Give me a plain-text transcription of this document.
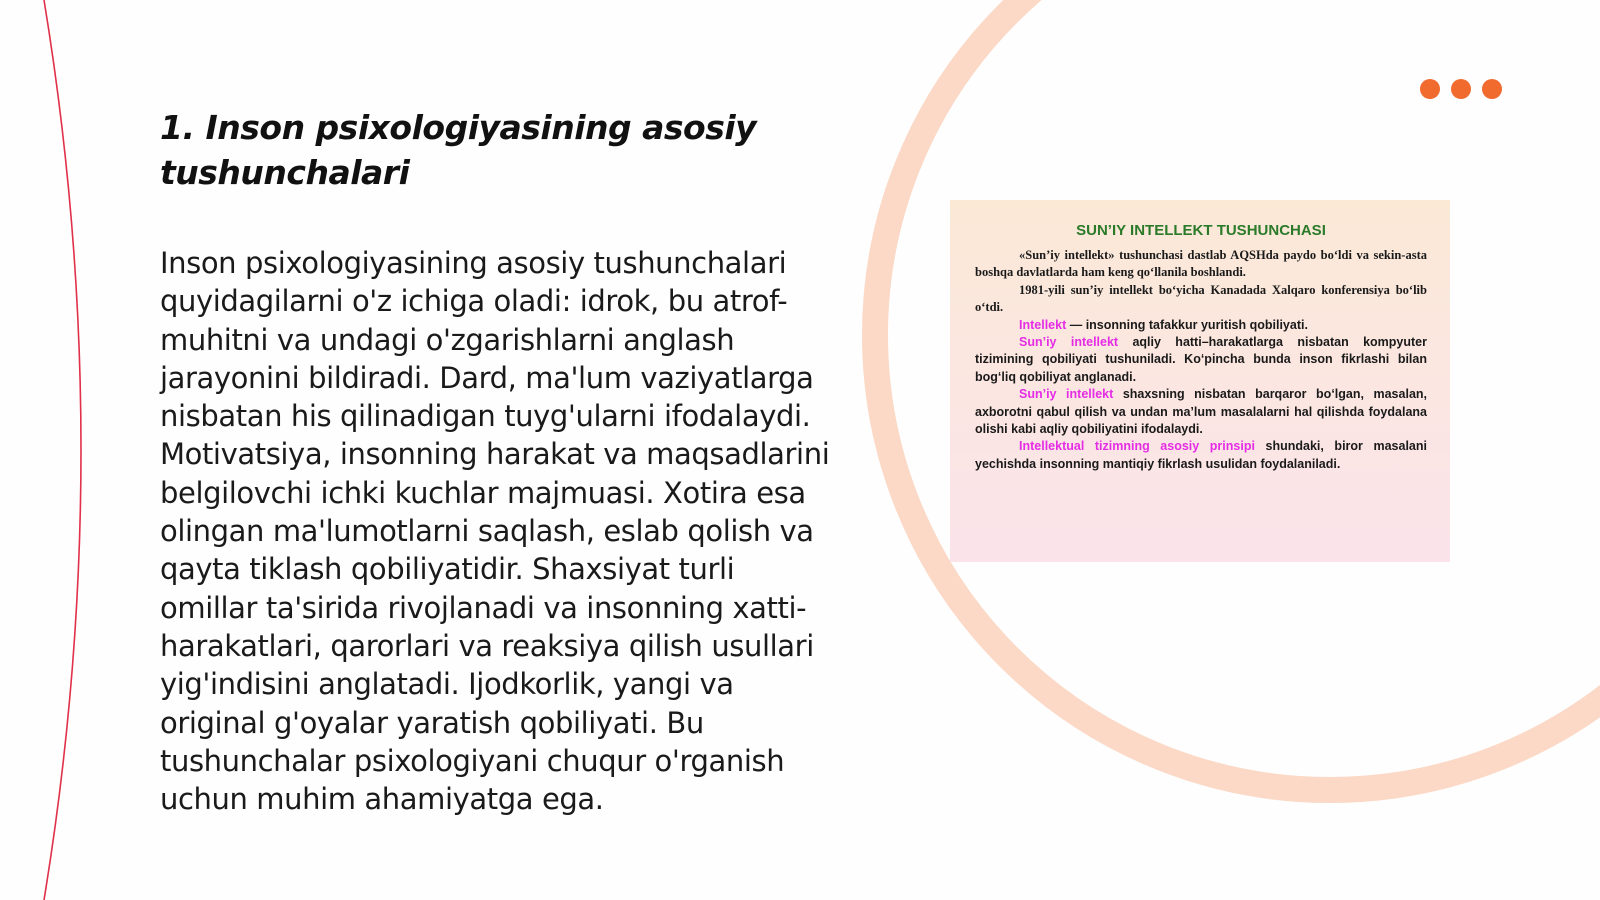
1. Inson psixologiyasining asosiy tushunchalari

Inson psixologiyasining asosiy tushunchalari quyidagilarni o'z ichiga oladi: idrok, bu atrof-muhitni va undagi o'zgarishlarni anglash jarayonini bildiradi. Dard, ma'lum vaziyatlarga nisbatan his qilinadigan tuyg'ularni ifodalaydi. Motivatsiya, insonning harakat va maqsadlarini belgilovchi ichki kuchlar majmuasi. Xotira esa olingan ma'lumotlarni saqlash, eslab qolish va qayta tiklash qobiliyatidir. Shaxsiyat turli omillar ta'sirida rivojlanadi va insonning xatti-harakatlari, qarorlari va reaksiya qilish usullari yig'indisini anglatadi. Ijodkorlik, yangi va original g'oyalar yaratish qobiliyati. Bu tushunchalar psixologiyani chuqur o'rganish uchun muhim ahamiyatga ega.

SUN’IY INTELLEKT TUSHUNCHASI

«Sun’iy intellekt» tushunchasi dastlab AQSHda paydo bo‘ldi va sekin-asta boshqa davlatlarda ham keng qo‘llanila boshlandi.

1981-yili sun’iy intellekt bo‘yicha Kanadada Xalqaro konferensiya bo‘lib o‘tdi.

Intellekt — insonning tafakkur yuritish qobiliyati.

Sun’iy intellekt aqliy hatti–harakatlarga nisbatan kompyuter tizimining qobiliyati tushuniladi. Ko‘pincha bunda inson fikrlashi bilan bog‘liq qobiliyat anglanadi.

Sun’iy intellekt shaxsning nisbatan barqaror bo‘lgan, masalan, axborotni qabul qilish va undan ma’lum masalalarni hal qilishda foydalana olishi kabi aqliy qobiliyatini ifodalaydi.

Intellektual tizimning asosiy prinsipi shundaki, biror masalani yechishda insonning mantiqiy fikrlash usulidan foydalaniladi.
